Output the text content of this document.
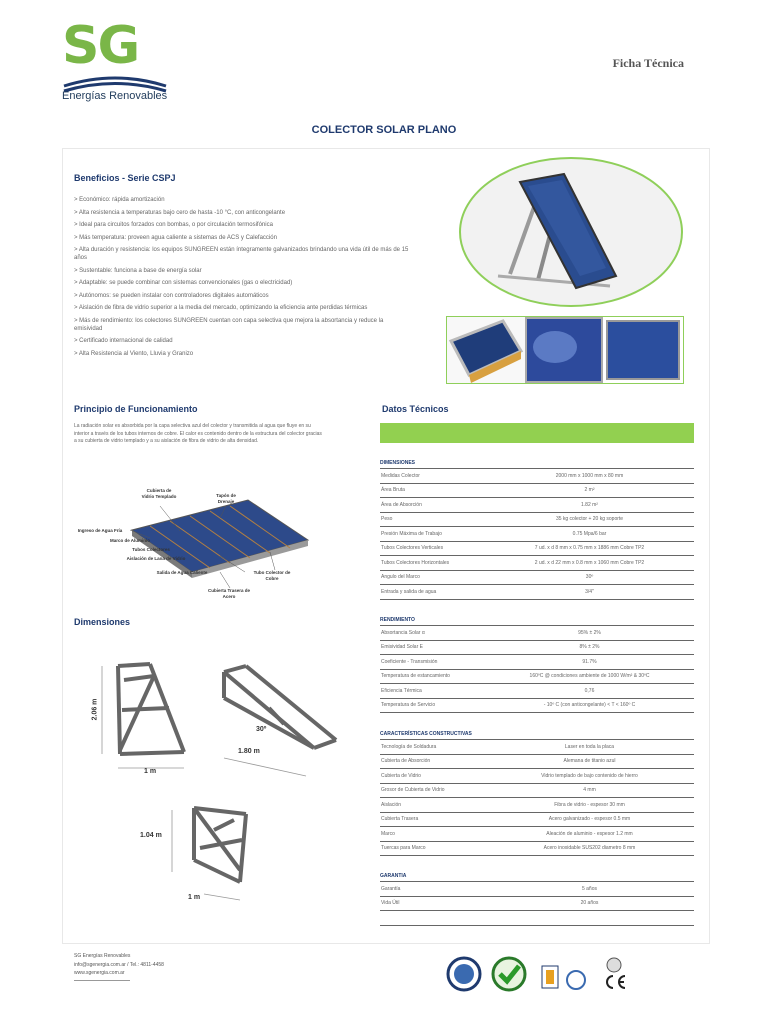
SG
Energías Renovables
Ficha Técnica
COLECTOR SOLAR PLANO
Beneficios - Serie CSPJ
> Económico: rápida amortización
> Alta resistencia a temperaturas bajo cero de hasta -10 °C, con anticongelante
> Ideal para circuitos forzados con bombas, o por circulación termosifónica
> Más temperatura: proveen agua caliente a sistemas de ACS y Calefacción
> Alta duración y resistencia: los equipos SUNGREEN están íntegramente galvanizados brindando una vida útil de más de 15 años
> Sustentable: funciona a base de energía solar
> Adaptable: se puede combinar con sistemas convencionales (gas o electricidad)
> Autónomos: se pueden instalar con controladores digitales automáticos
> Aislación de fibra de vidrio superior a la media del mercado, optimizando la eficiencia ante perdidas térmicas
> Más de rendimiento: los colectores SUNGREEN cuentan con capa selectiva que mejora la absortancia y reduce la emisividad
> Certificado internacional de calidad
> Alta Resistencia al Viento, Lluvia y Granizo
Principio de Funcionamiento
La radiación solar es absorbida por la capa selectiva azul del colector y transmitida al agua que fluye en su interior a través de los tubos internos de cobre. El calor es contenido dentro de la estructura del colector gracias a su cubierta de vidrio templado y a su aislación de fibra de vidrio de alta densidad.
Cubierta de Vidrio Templado	Tapón de Drenaje
Ingreso de Agua Fría
Marco de Aluminio
Tubos Colectores
Aislación de Lana de Vidrio
Salida de Agua Caliente	Tubo Colector de Cobre
Cubierta Trasera de Acero
Dimensiones
2.06 m
1 m
30º
1.80 m
1.04 m
1 m
Datos Técnicos
DIMENSIONES
Medidas Colector	2000 mm x 1000 mm x 80 mm
Área Bruta	2 m²
Área de Absorción	1.82 m²
Peso	35 kg colector + 20 kg soporte
Presión Máxima de Trabajo	0.75 Mpa/6 bar
Tubos Colectores Verticales	7 ud. x d 8 mm x 0.75 mm x 1886 mm Cobre TP2
Tubos Colectores Horizontales	2 ud. x d 22 mm x 0.8 mm x 1060 mm Cobre TP2
Angulo del Marco	30º
Entrada y salida de agua	3/4"
RENDIMIENTO
Absortancia Solar α	95% ± 2%
Emisividad Solar Ε	8% ± 2%
Coeficiente - Transmisión	91.7%
Temperatura de estancamiento	160ºC @ condiciones ambiente de 1000 W/m² & 30ºC
Eficiencia Térmica	0,76
Temperatura de Servicio	- 10º C (con anticongelante) < T < 160º C
CARACTERÍSTICAS CONSTRUCTIVAS
Tecnología de Soldadura	Laser en toda la placa
Cubierta de Absorción	Alemana de titanio azul
Cubierta de Vidrio	Vidrio templado de bajo contenido de hierro
Grosor de Cubierta de Vidrio	4 mm
Aislación	Fibra de vidrio - espesor 30 mm
Cubierta Trasera	Acero galvanizado - espesor 0.5 mm
Marco	Aleación de aluminio - espesor 1.2 mm
Tuercas para Marco	Acero inoxidable SUS202 diametro 8 mm
GARANTIA
Garantía	5 años
Vida Útil	20 años
SG Energías Renovables
info@sgenergia.com.ar / Tel.: 4811-4458
www.sgenergia.com.ar
